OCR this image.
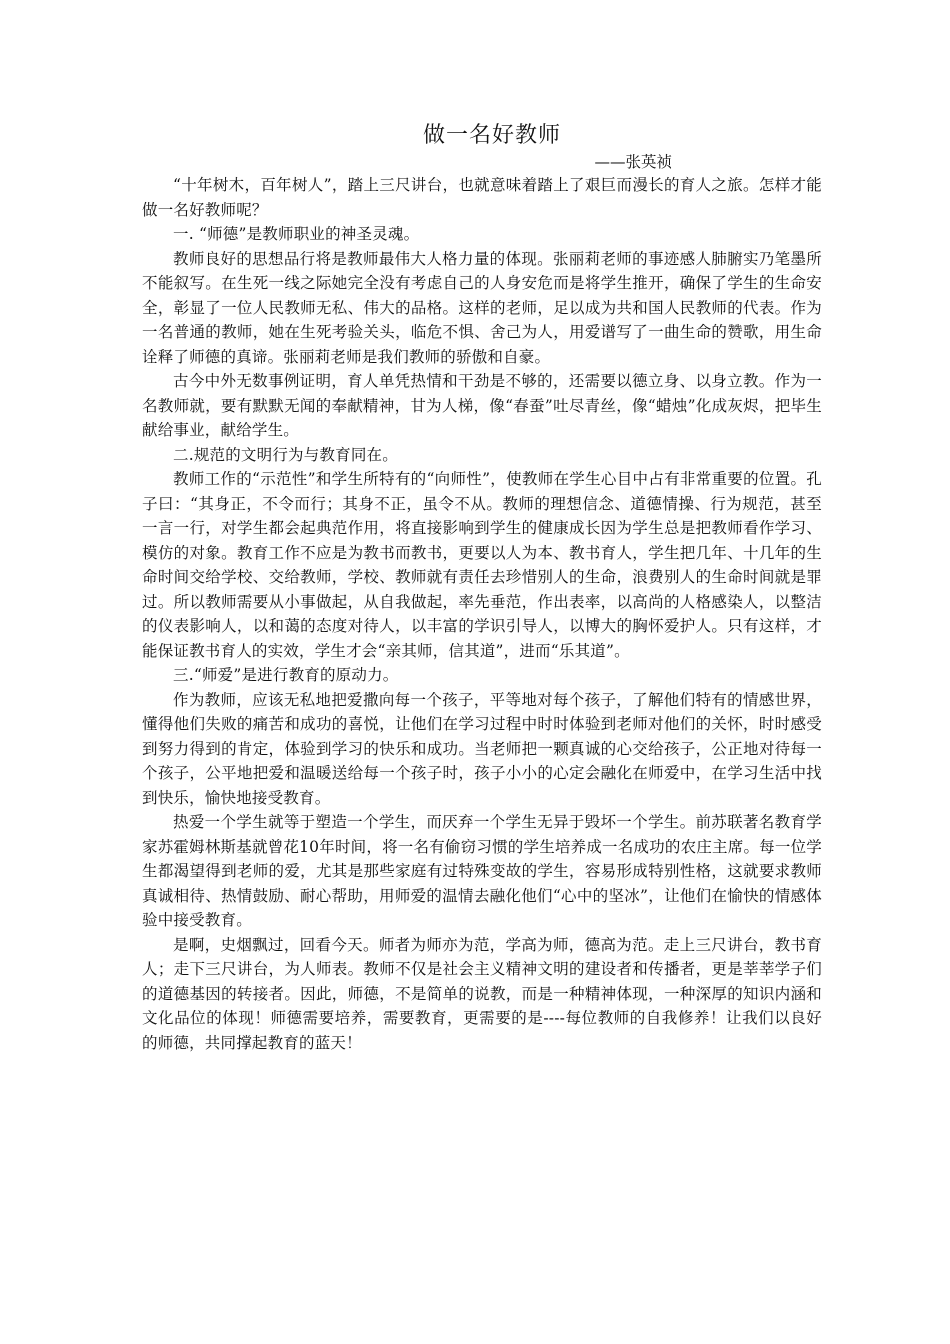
做一名好教师
——张英祯

“十年树木，百年树人”，踏上三尺讲台，也就意味着踏上了艰巨而漫长的育人之旅。怎样才能做一名好教师呢？

一. “师德”是教师职业的神圣灵魂。

教师良好的思想品行将是教师最伟大人格力量的体现。张丽莉老师的事迹感人肺腑实乃笔墨所不能叙写。在生死一线之际她完全没有考虑自己的人身安危而是将学生推开，确保了学生的生命安全，彰显了一位人民教师无私、伟大的品格。这样的老师，足以成为共和国人民教师的代表。作为一名普通的教师，她在生死考验关头，临危不惧、舍己为人，用爱谱写了一曲生命的赞歌，用生命诠释了师德的真谛。张丽莉老师是我们教师的骄傲和自豪。

古今中外无数事例证明，育人单凭热情和干劲是不够的，还需要以德立身、以身立教。作为一名教师就，要有默默无闻的奉献精神，甘为人梯，像“春蚕”吐尽青丝，像“蜡烛”化成灰烬，把毕生献给事业，献给学生。

二.规范的文明行为与教育同在。

教师工作的“示范性”和学生所特有的“向师性”，使教师在学生心目中占有非常重要的位置。孔子曰：“其身正，不令而行；其身不正，虽令不从。教师的理想信念、道德情操、行为规范，甚至一言一行，对学生都会起典范作用，将直接影响到学生的健康成长因为学生总是把教师看作学习、模仿的对象。教育工作不应是为教书而教书，更要以人为本、教书育人，学生把几年、十几年的生命时间交给学校、交给教师，学校、教师就有责任去珍惜别人的生命，浪费别人的生命时间就是罪过。所以教师需要从小事做起，从自我做起，率先垂范，作出表率，以高尚的人格感染人，以整洁的仪表影响人，以和蔼的态度对待人，以丰富的学识引导人，以博大的胸怀爱护人。只有这样，才能保证教书育人的实效，学生才会“亲其师，信其道”，进而“乐其道”。

三.“师爱”是进行教育的原动力。

作为教师，应该无私地把爱撒向每一个孩子，平等地对每个孩子，了解他们特有的情感世界，懂得他们失败的痛苦和成功的喜悦，让他们在学习过程中时时体验到老师对他们的关怀，时时感受到努力得到的肯定，体验到学习的快乐和成功。当老师把一颗真诚的心交给孩子，公正地对待每一个孩子，公平地把爱和温暖送给每一个孩子时，孩子小小的心定会融化在师爱中，在学习生活中找到快乐，愉快地接受教育。

热爱一个学生就等于塑造一个学生，而厌弃一个学生无异于毁坏一个学生。前苏联著名教育学家苏霍姆林斯基就曾花10年时间，将一名有偷窃习惯的学生培养成一名成功的农庄主席。每一位学生都渴望得到老师的爱，尤其是那些家庭有过特殊变故的学生，容易形成特别性格，这就要求教师真诚相待、热情鼓励、耐心帮助，用师爱的温情去融化他们“心中的坚冰”，让他们在愉快的情感体验中接受教育。

是啊，史烟飘过，回看今天。师者为师亦为范，学高为师，德高为范。走上三尺讲台，教书育人；走下三尺讲台，为人师表。教师不仅是社会主义精神文明的建设者和传播者，更是莘莘学子们的道德基因的转接者。因此，师德，不是简单的说教，而是一种精神体现，一种深厚的知识内涵和文化品位的体现！师德需要培养，需要教育，更需要的是----每位教师的自我修养！让我们以良好的师德，共同撑起教育的蓝天！
